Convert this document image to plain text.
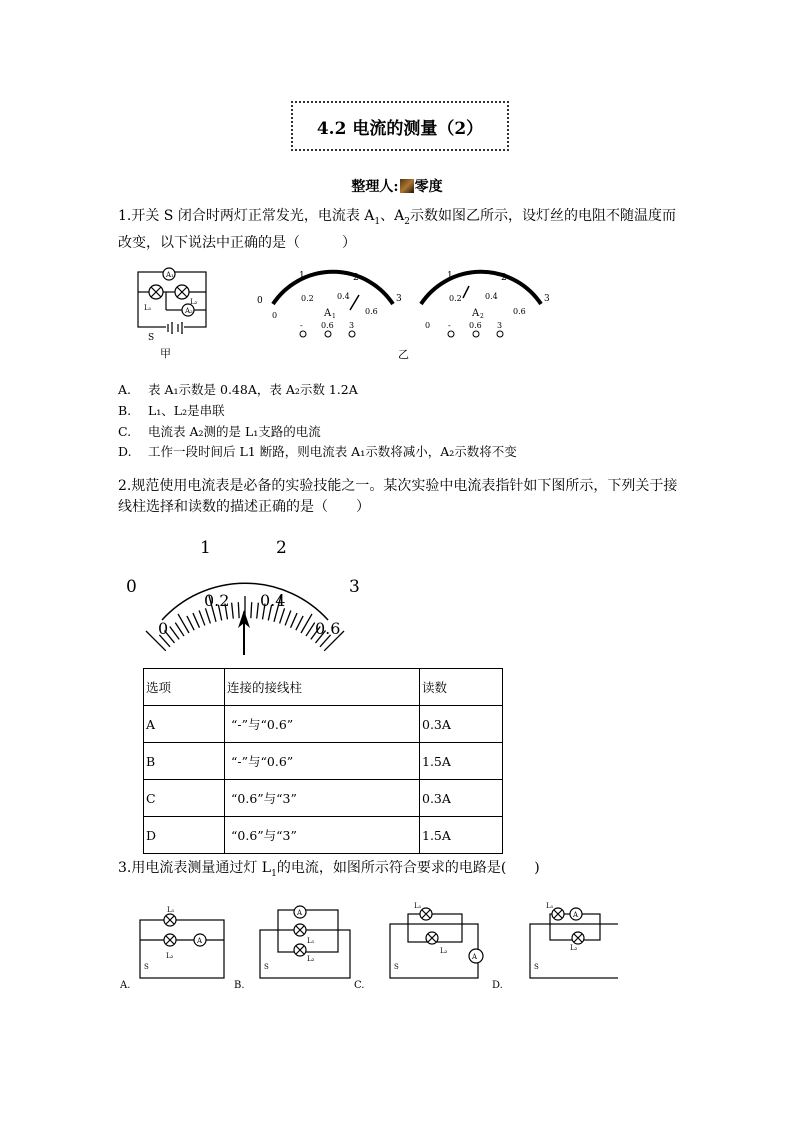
4.2 电流的测量（2）
整理人: 零度
1.开关 S 闭合时两灯正常发光，电流表 $A_1$、$A_2$示数如图乙所示，设灯丝的电阻不随温度而
改变，以下说法中正确的是（　　　）
A₁
A₂
L₁
L₂
S
甲
0
1	2
3
0
0.2	0.4
0.6
A 1
- 0.6 3
1	2
3
0.2	0.4
0.6
A 2
0 - 0.6 3
乙
A. 表 A₁示数是 0.48A，表 A₂示数 1.2A
B. L₁、L₂是串联
C. 电流表 A₂测的是 L₁支路的电流
D. 工作一段时间后 L1 断路，则电流表 A₁示数将减小，A₂示数将不变
2.规范使用电流表是必备的实验技能之一。某次实验中电流表指针如下图所示，下列关于接
线柱选择和读数的描述正确的是（　　）
0
1	2
3
0
0.2 0.4
0.6
选项	连接的接线柱	读数
A	“-”与“0.6”	0.3A
B	“-”与“0.6”	1.5A
C	“0.6”与“3”	0.3A
D	“0.6”与“3”	1.5A
3.用电流表测量通过灯 $L_1$的电流，如图所示符合要求的电路是(　　)
L₁
A
L₂
S
A
L₁
L₂
S
L₁
A
L₂
S
L₁
A
L₂
S
A.	B.	C.	D.
